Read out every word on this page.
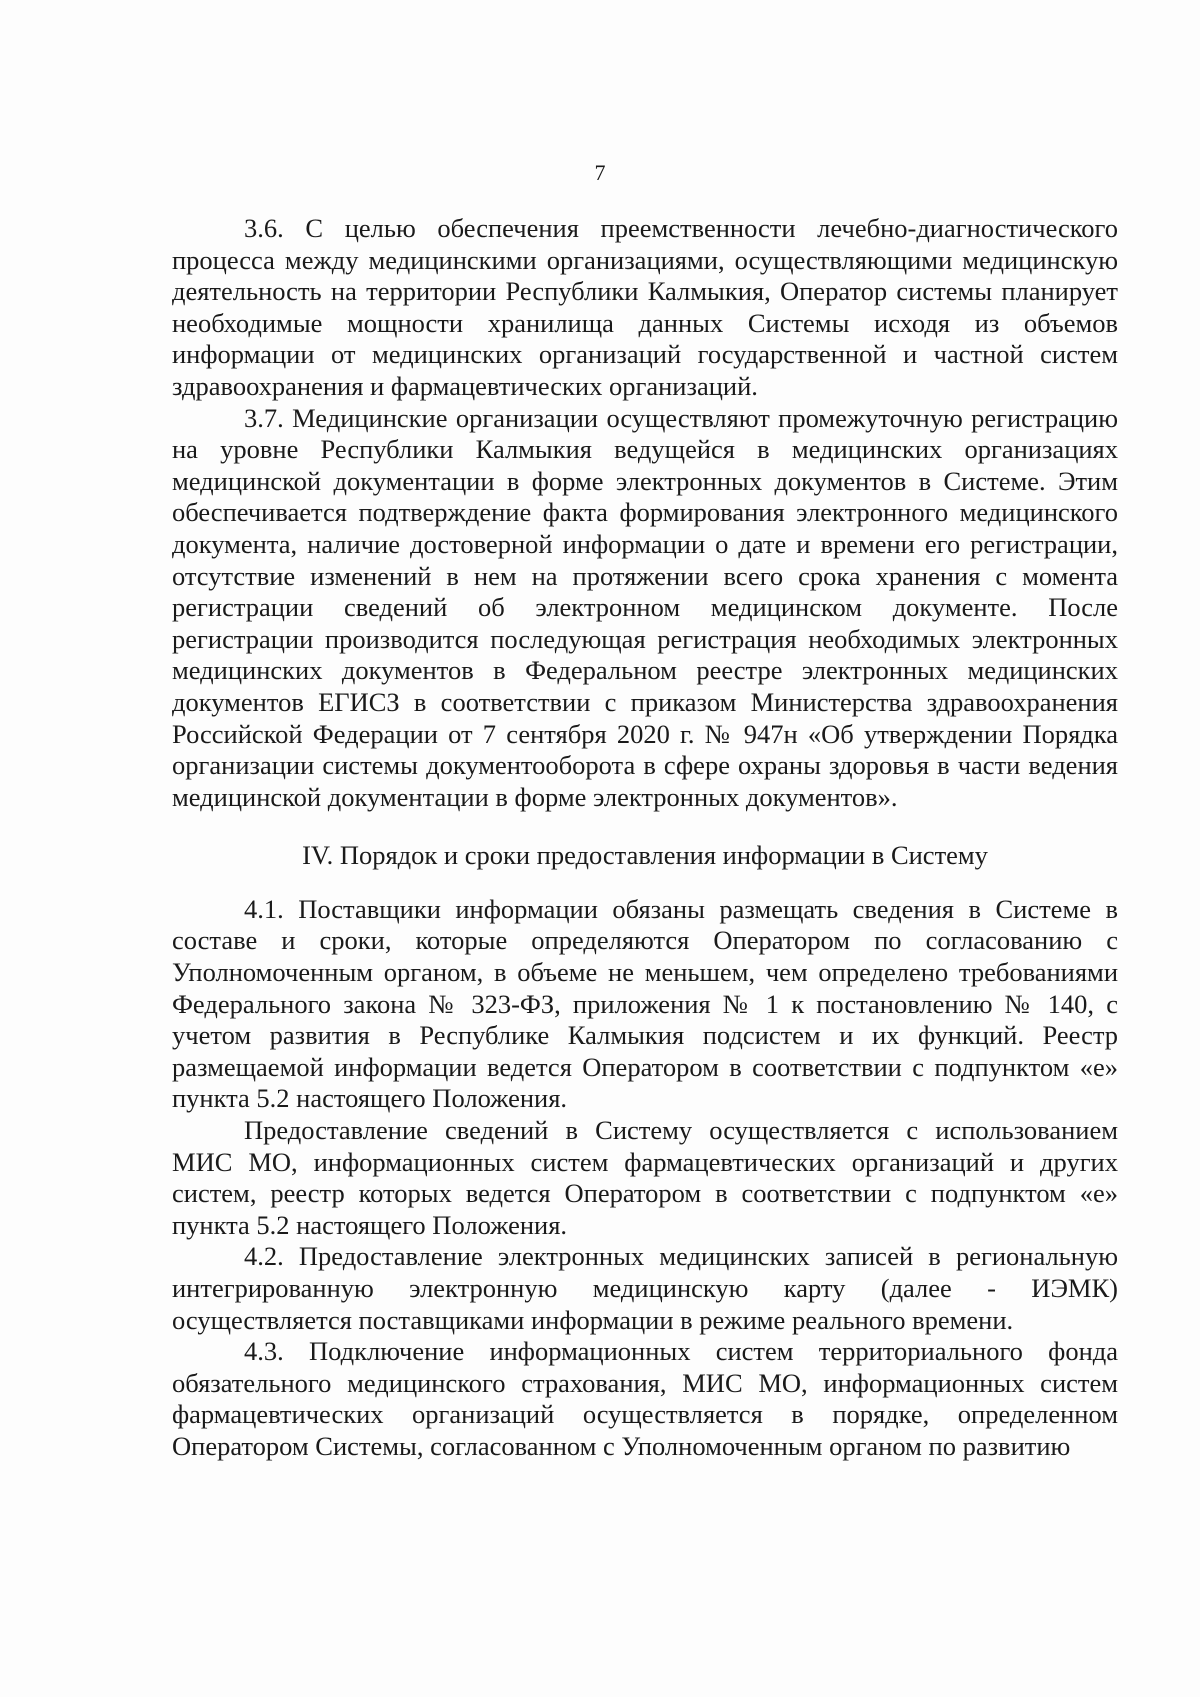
7

3.6. С целью обеспечения преемственности лечебно-диагностического процесса между медицинскими организациями, осуществляющими медицинскую деятельность на территории Республики Калмыкия, Оператор системы планирует необходимые мощности хранилища данных Системы исходя из объемов информации от медицинских организаций государственной и частной систем здравоохранения и фармацевтических организаций.

3.7. Медицинские организации осуществляют промежуточную регистрацию на уровне Республики Калмыкия ведущейся в медицинских организациях медицинской документации в форме электронных документов в Системе. Этим обеспечивается подтверждение факта формирования электронного медицинского документа, наличие достоверной информации о дате и времени его регистрации, отсутствие изменений в нем на протяжении всего срока хранения с момента регистрации сведений об электронном медицинском документе. После регистрации производится последующая регистрация необходимых электронных медицинских документов в Федеральном реестре электронных медицинских документов ЕГИСЗ в соответствии с приказом Министерства здравоохранения Российской Федерации от 7 сентября 2020 г. № 947н «Об утверждении Порядка организации системы документооборота в сфере охраны здоровья в части ведения медицинской документации в форме электронных документов».

IV. Порядок и сроки предоставления информации в Систему

4.1. Поставщики информации обязаны размещать сведения в Системе в составе и сроки, которые определяются Оператором по согласованию с Уполномоченным органом, в объеме не меньшем, чем определено требованиями Федерального закона № 323-ФЗ, приложения № 1 к постановлению № 140, с учетом развития в Республике Калмыкия подсистем и их функций. Реестр размещаемой информации ведется Оператором в соответствии с подпунктом «е» пункта 5.2 настоящего Положения.

Предоставление сведений в Систему осуществляется с использованием МИС МО, информационных систем фармацевтических организаций и других систем, реестр которых ведется Оператором в соответствии с подпунктом «е» пункта 5.2 настоящего Положения.

4.2. Предоставление электронных медицинских записей в региональную интегрированную электронную медицинскую карту (далее - ИЭМК) осуществляется поставщиками информации в режиме реального времени.

4.3. Подключение информационных систем территориального фонда обязательного медицинского страхования, МИС МО, информационных систем фармацевтических организаций осуществляется в порядке, определенном Оператором Системы, согласованном с Уполномоченным органом по развитию
